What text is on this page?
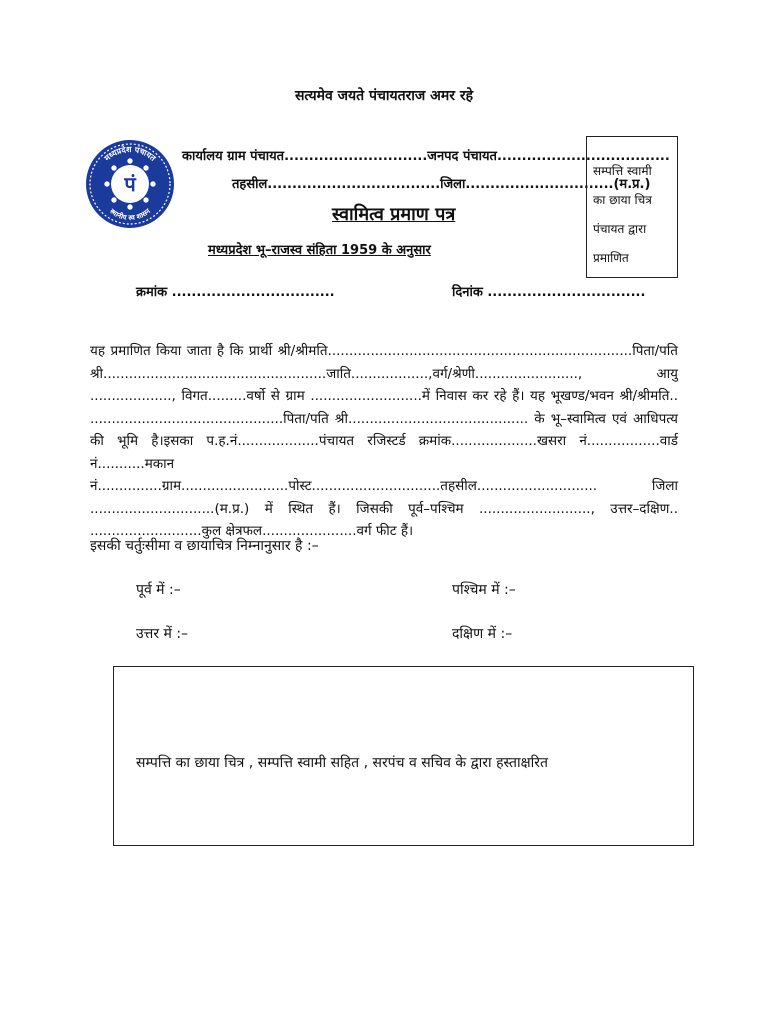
सत्यमेव जयते पंचायतराज अमर रहे
मध्यप्रदेश पंचायत
स्थानीय स्व शासन
पं
कार्यालय ग्राम पंचायत.............................जनपद पंचायत...................................
तहसील...................................जिला..............................(म.प्र.)
स्वामित्व प्रमाण पत्र
मध्यप्रदेश भू–राजस्व संहिता 1959 के अनुसार
सम्पत्ति स्वामी
का छाया चित्र
पंचायत द्वारा
प्रमाणित
क्रमांक .................................	दिनांक ................................

यह प्रमाणित किया जाता है कि प्रार्थी श्री/श्रीमति.......................................................................पिता/पति श्री....................................................जाति..................,वर्ग/श्रेणी........................, आयु ..................., विगत.........वर्षो से ग्राम ..........................में निवास कर रहे हैं। यह भूखण्ड/भवन श्री/श्रीमति.. .............................................पिता/पति श्री.......................................... के भू–स्वामित्व एवं आधिपत्य की भूमि है।इसका प.ह.नं...................पंचायत रजिस्टर्ड क्रमांक....................खसरा नं.................वार्ड नं...........मकान नं...............ग्राम.........................पोस्ट..............................तहसील............................ जिला .............................(म.प्र.) में स्थित हैं। जिसकी पूर्व–पश्चिम .........................., उत्तर–दक्षिण.. ..........................कुल क्षेत्रफल......................वर्ग फीट हैं।

इसकी चर्तुःसीमा व छायाचित्र निम्नानुसार है :–
पूर्व में :–	पश्चिम में :–
उत्तर में :–	दक्षिण में :–
सम्पत्ति का छाया चित्र , सम्पत्ति स्वामी सहित , सरपंच व सचिव के द्वारा हस्ताक्षरित
